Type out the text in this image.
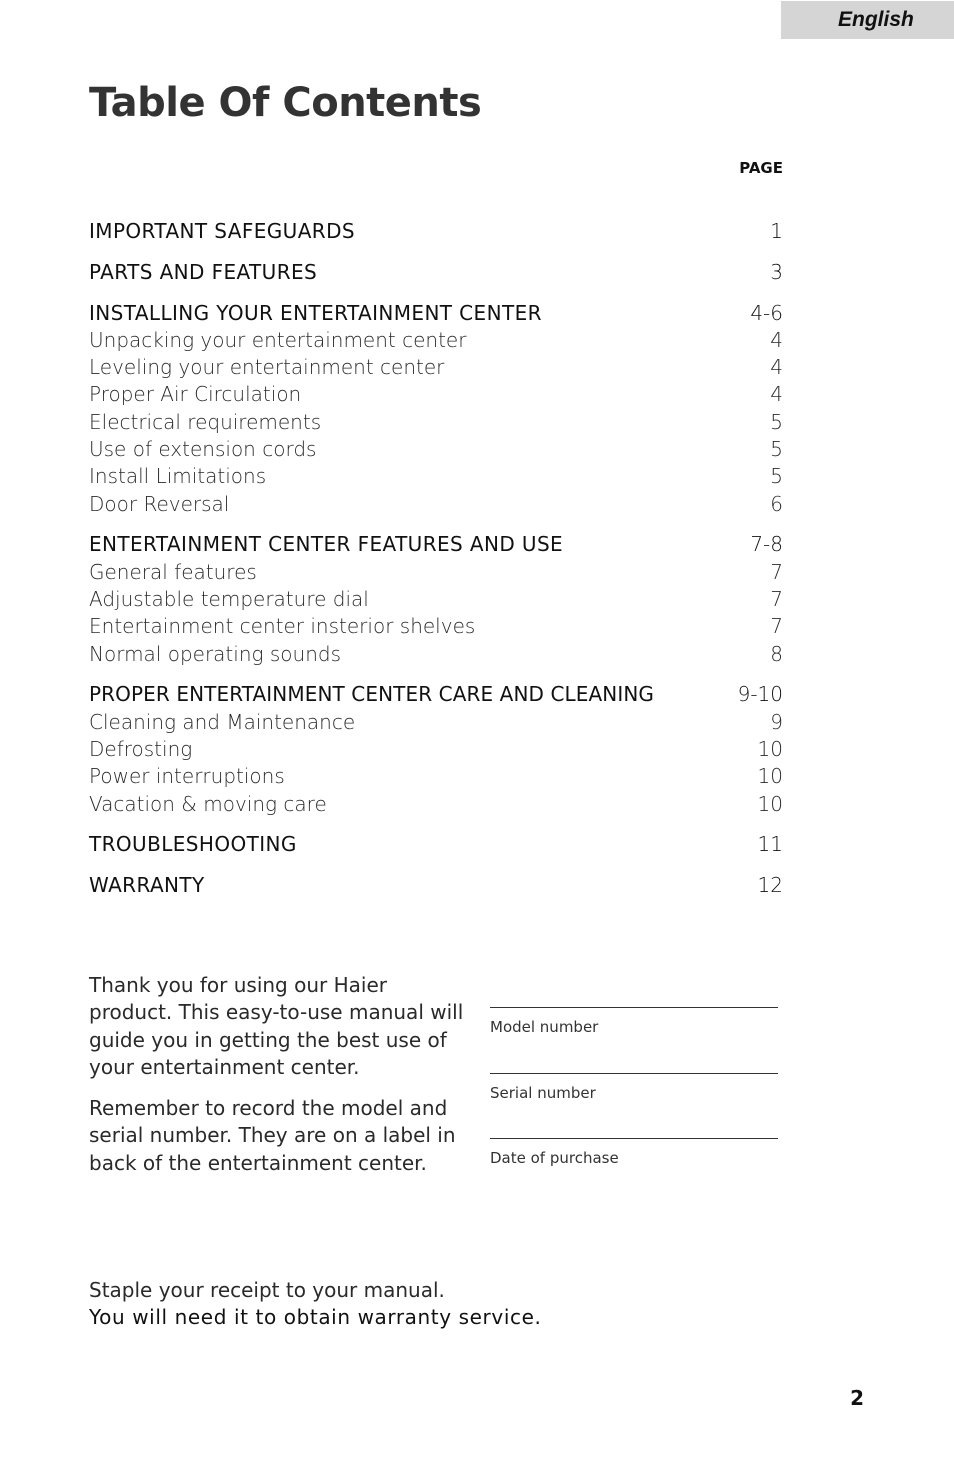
English
Table Of Contents
PAGE
IMPORTANT SAFEGUARDS	1
PARTS AND FEATURES	3
INSTALLING YOUR ENTERTAINMENT CENTER	4-6
Unpacking your entertainment center	4
Leveling your entertainment center	4
Proper Air Circulation	4
Electrical requirements	5
Use of extension cords	5
Install Limitations	5
Door Reversal	6
ENTERTAINMENT CENTER FEATURES AND USE	7-8
General features	7
Adjustable temperature dial	7
Entertainment center insterior shelves	7
Normal operating sounds	8
PROPER ENTERTAINMENT CENTER CARE AND CLEANING	9-10
Cleaning and Maintenance	9
Defrosting	10
Power interruptions	10
Vacation & moving care	10
TROUBLESHOOTING	11
WARRANTY	12

Thank you for using our Haier product. This easy-to-use manual will guide you in getting the best use of your entertainment center.

Remember to record the model and serial number. They are on a label in back of the entertainment center.

Model number
Serial number
Date of purchase
Staple your receipt to your manual.
You will need it to obtain warranty service.
2
